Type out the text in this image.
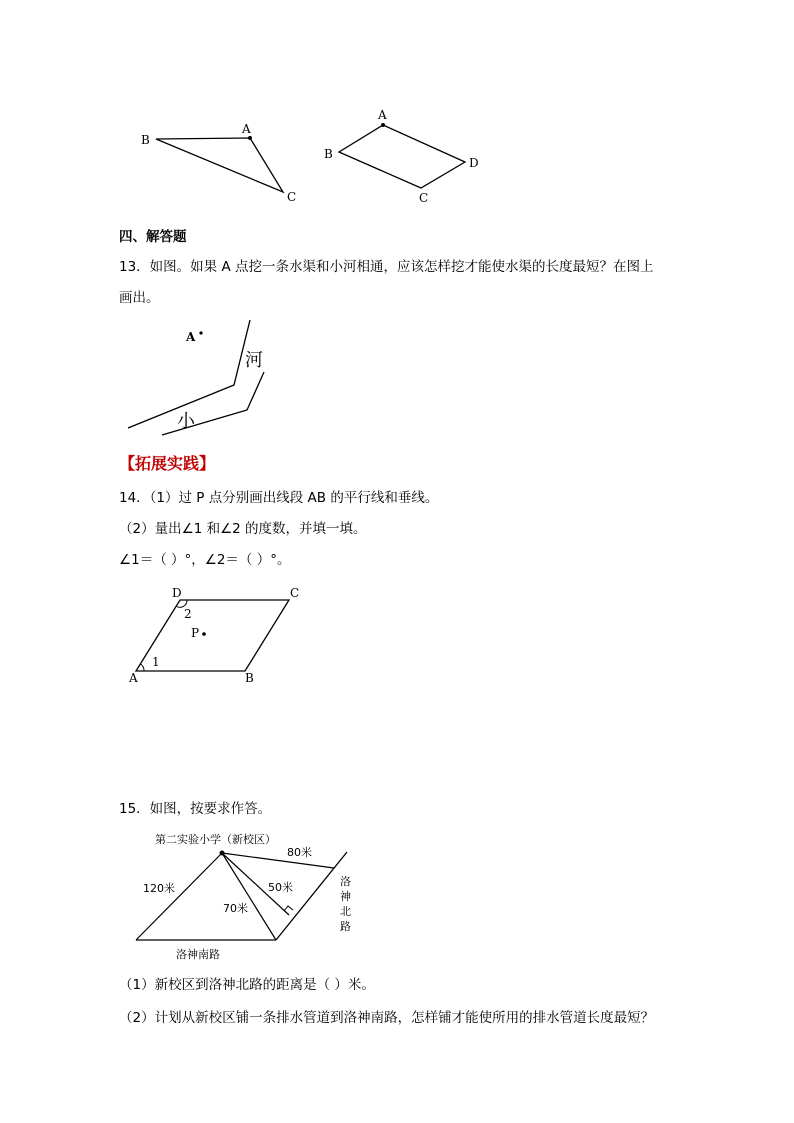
B
A
C
A
B
D
C
四、解答题
13．如图。如果 A 点挖一条水渠和小河相通，应该怎样挖才能使水渠的长度最短？在图上
画出。
A
河
小
【拓展实践】
14．（1）过 P 点分别画出线段 AB 的平行线和垂线。
（2）量出∠1 和∠2 的度数，并填一填。
∠1＝（ ）°，∠2＝（ ）°。
D	C
A	B
P
2
1
15．如图，按要求作答。
第二实验小学（新校区）
80米
50米
70米
120米
洛神南路
洛
神
北
路
（1）新校区到洛神北路的距离是（ ）米。
（2）计划从新校区铺一条排水管道到洛神南路，怎样铺才能使所用的排水管道长度最短？
